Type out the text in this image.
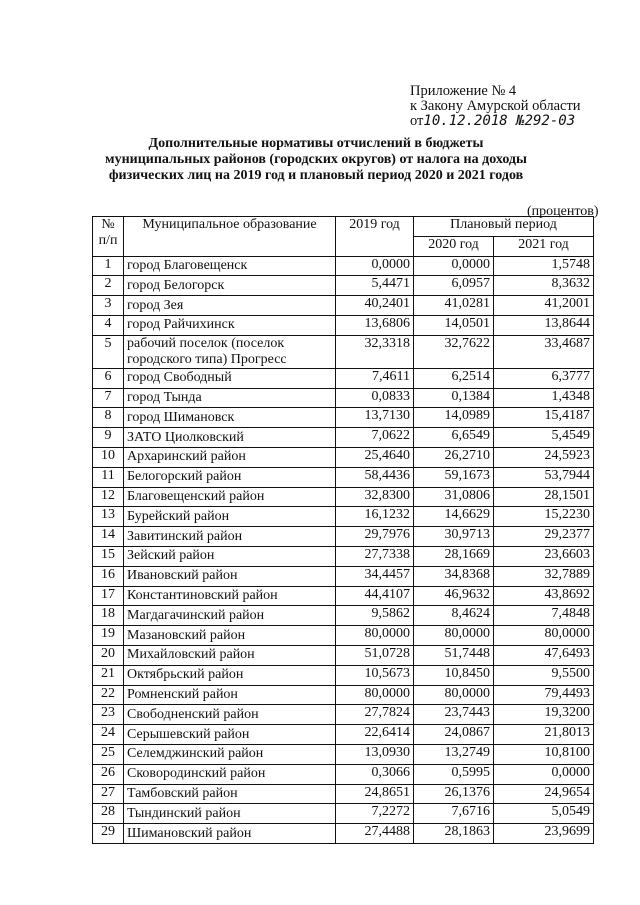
Приложение № 4
к Закону Амурской области
от10.12.2018 №292-03
Дополнительные нормативы отчислений в бюджеты
муниципальных районов (городских округов) от налога на доходы
физических лиц на 2019 год и плановый период 2020 и 2021 годов
(процентов)
№ п/п	Муниципальное образование	2019 год	Плановый период	
			2020 год	2021 год
1	город Благовещенск	0,0000	0,0000	1,5748
2	город Белогорск	5,4471	6,0957	8,3632
3	город Зея	40,2401	41,0281	41,2001
4	город Райчихинск	13,6806	14,0501	13,8644
5	рабочий поселок (поселок городского типа) Прогресс	32,3318	32,7622	33,4687
6	город Свободный	7,4611	6,2514	6,3777
7	город Тында	0,0833	0,1384	1,4348
8	город Шимановск	13,7130	14,0989	15,4187
9	ЗАТО Циолковский	7,0622	6,6549	5,4549
10	Архаринский район	25,4640	26,2710	24,5923
11	Белогорский район	58,4436	59,1673	53,7944
12	Благовещенский район	32,8300	31,0806	28,1501
13	Бурейский район	16,1232	14,6629	15,2230
14	Завитинский район	29,7976	30,9713	29,2377
15	Зейский район	27,7338	28,1669	23,6603
16	Ивановский район	34,4457	34,8368	32,7889
17	Константиновский район	44,4107	46,9632	43,8692
18	Магдагачинский район	9,5862	8,4624	7,4848
19	Мазановский район	80,0000	80,0000	80,0000
20	Михайловский район	51,0728	51,7448	47,6493
21	Октябрьский район	10,5673	10,8450	9,5500
22	Ромненский район	80,0000	80,0000	79,4493
23	Свободненский район	27,7824	23,7443	19,3200
24	Серышевский район	22,6414	24,0867	21,8013
25	Селемджинский район	13,0930	13,2749	10,8100
26	Сковородинский район	0,3066	0,5995	0,0000
27	Тамбовский район	24,8651	26,1376	24,9654
28	Тындинский район	7,2272	7,6716	5,0549
29	Шимановский район	27,4488	28,1863	23,9699
